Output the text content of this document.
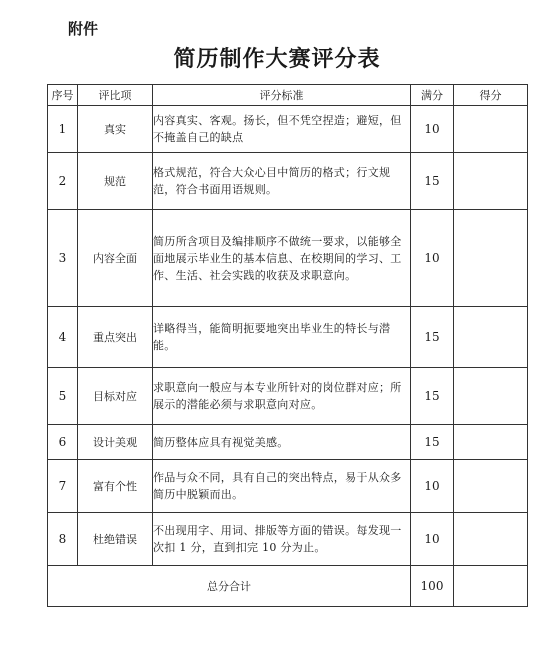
附件
简历制作大赛评分表
序号	评比项	评分标准	满分	得分
1	真实	内容真实、客观。扬长，但不凭空捏造；避短，但不掩盖自己的缺点	10	
2	规范	格式规范，符合大众心目中简历的格式；行文规范，符合书面用语规则。	15	
3	内容全面	简历所含项目及编排顺序不做统一要求，以能够全面地展示毕业生的基本信息、在校期间的学习、工作、生活、社会实践的收获及求职意向。	10	
4	重点突出	详略得当，能简明扼要地突出毕业生的特长与潜能。	15	
5	目标对应	求职意向一般应与本专业所针对的岗位群对应；所展示的潜能必须与求职意向对应。	15	
6	设计美观	简历整体应具有视觉美感。	15	
7	富有个性	作品与众不同，具有自己的突出特点，易于从众多简历中脱颖而出。	10	
8	杜绝错误	不出现用字、用词、排版等方面的错误。每发现一次扣 1 分，直到扣完 10 分为止。	10	
总分合计			100	
